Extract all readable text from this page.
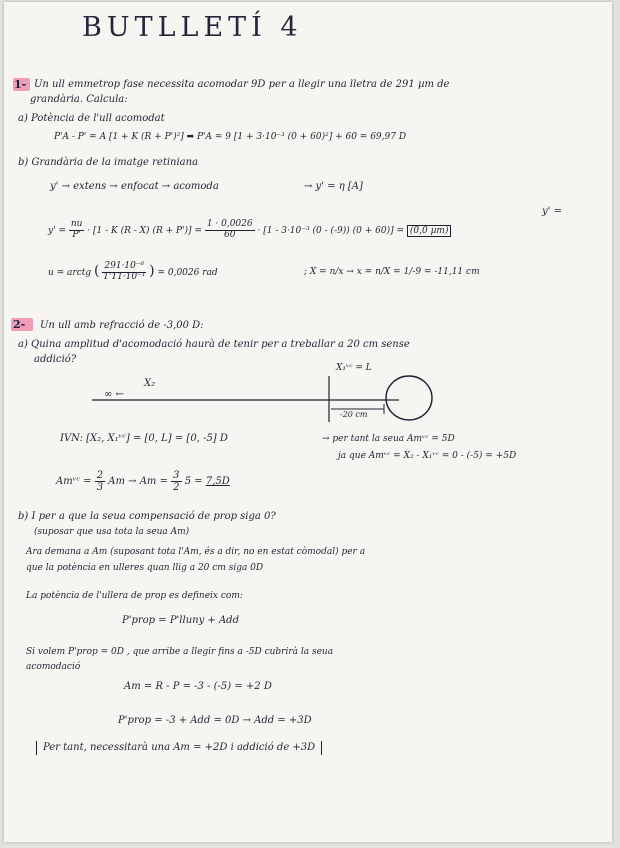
BUTLLETÍ 4
1- Un ull emmetrop fase necessita acomodar 9D per a llegir una lletra de 291 µm de
grandària. Calcula:
a) Potència de l'ull acomodat
P'A - P' = A [1 + K (R + P')²] ➡ P'A = 9 [1 + 3·10⁻³ (0 + 60)²] + 60 = 69,97 D
b) Grandària de la imatge retiniana
y' → extens → enfocat → acomoda	→ y' = η [A]
y' =
$y' = \frac{nu}{P'} \cdot [1 - K$ (R - X) $(R + P')] = \frac{1 \cdot 0,0026}{60} \cdot [1 - 3\cdot 10^{-3}$ (0 - (-9)) (0 + 60)] = (0,0 µm)
u = arctg ( $\frac{\text{291·10⁻⁶}}{\text{1'11·10⁻¹}}$ ) = 0,0026 rad	; X = n/x → x = n/X = 1/-9 = -11,11 cm
2- Un ull amb refracció de -3,00 D:
a) Quina amplitud d'acomodació haurà de tenir per a treballar a 20 cm sense
addició?
X₁ᵛᶜ = L
X₂
∞ ←
-20 cm
IVN: [X₂, X₁ᵛᶜ] = [0, L] = [0, -5] D	→ per tant la seua Amᵛᶜ = 5D
ja que Amᵛᶜ = X₂ - X₁ᵛᶜ = 0 - (-5) = +5D
Amᵛᶜ = $\frac{2}{3}$ $Am \to Am = \frac{3}{2} 5 = 7,5D$
b) I per a que la seua compensació de prop siga 0?
(suposar que usa tota la seua Am)
Ara demana a Am (suposant tota l'Am, és a dir, no en estat còmodal) per a
que la potència en ulleres quan llig a 20 cm siga 0D
La potència de l'ullera de prop es defineix com:
P'prop = P'lluny + Add
Si volem P'prop = 0D , que arribe a llegir fins a -5D cubrirà la seua
acomodació
Am = R - P = -3 - (-5) = +2 D
P'prop = -3 + Add = 0D → Add = +3D
Per tant, necessitarà una Am = +2D i addició de +3D
